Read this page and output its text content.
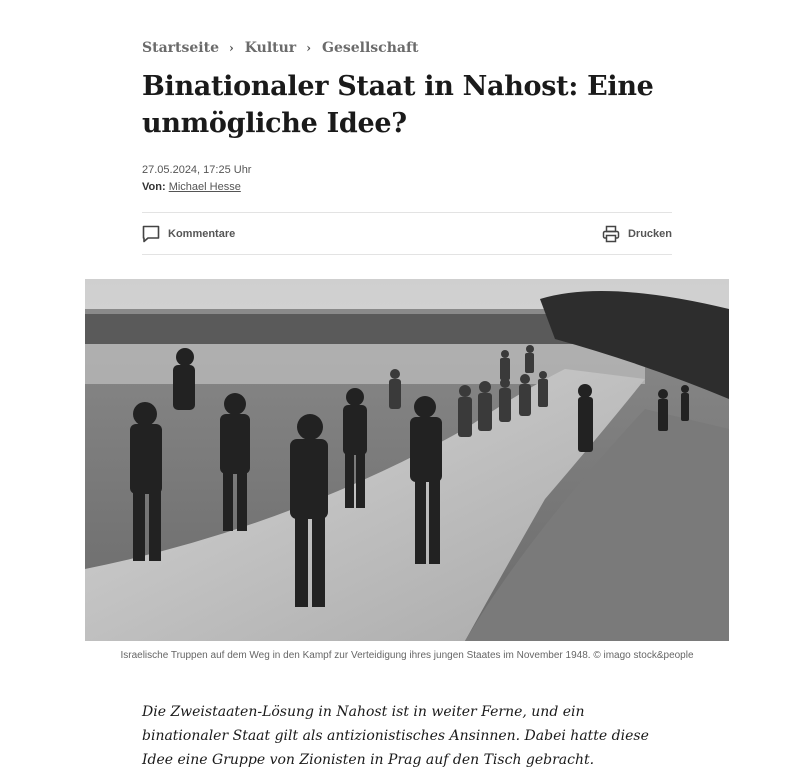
Startseite › Kultur › Gesellschaft
Binationaler Staat in Nahost: Eine unmögliche Idee?
27.05.2024, 17:25 Uhr
Von: Michael Hesse
Kommentare	Drucken
Israelische Truppen auf dem Weg in den Kampf zur Verteidigung ihres jungen Staates im November 1948. © imago stock&people

Die Zweistaaten-Lösung in Nahost ist in weiter Ferne, und ein binationaler Staat gilt als antizionistisches Ansinnen. Dabei hatte diese Idee eine Gruppe von Zionisten in Prag auf den Tisch gebracht.
